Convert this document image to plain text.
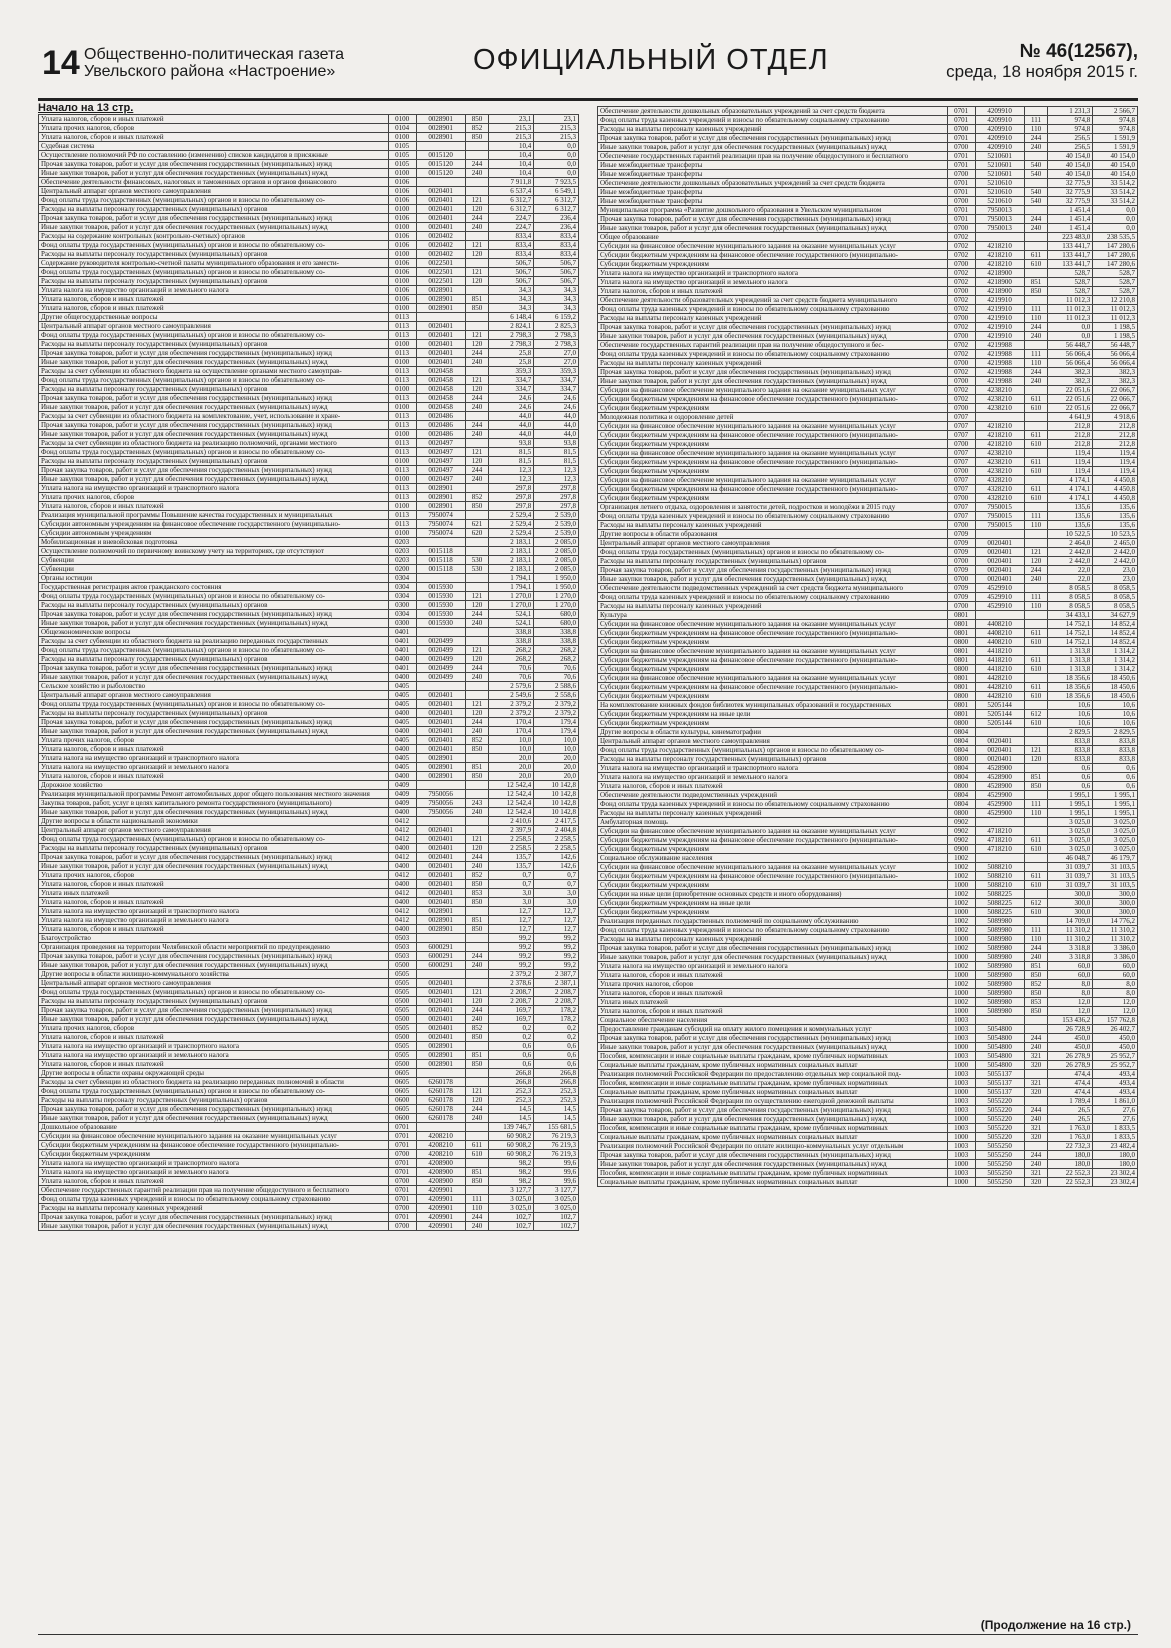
14 Общественно-политическая газета
Увельского района «Настроение»	ОФИЦИАЛЬНЫЙ ОТДЕЛ	№ 46(12567),
среда, 18 ноября 2015 г.
Начало на 13 стр.
Уплата налогов, сборов и иных платежей	0100	0028901	850	23,1	23,1
Уплата прочих налогов, сборов	0104	0028901	852	215,3	215,3
Уплата налогов, сборов и иных платежей	0100	0028901	850	215,3	215,3
Судебная система	0105			10,4	0,0
Осуществление полномочий РФ по составлению (изменению) списков кандидатов в присяжные	0105	0015120		10,4	0,0
Прочая закупка товаров, работ и услуг для обеспечения государственных (муниципальных) нужд	0105	0015120	244	10,4	0,0
Иные закупки товаров, работ и услуг для обеспечения государственных (муниципальных) нужд	0100	0015120	240	10,4	0,0
Обеспечение деятельности финансовых, налоговых и таможенных органов и органов финансового	0106			7 911,8	7 923,5
Центральный аппарат органов местного самоуправления	0106	0020401		6 537,4	6 549,1
Фонд оплаты труда государственных (муниципальных) органов и взносы по обязательному со-	0106	0020401	121	6 312,7	6 312,7
Расходы на выплаты персоналу государственных (муниципальных) органов	0100	0020401	120	6 312,7	6 312,7
Прочая закупка товаров, работ и услуг для обеспечения государственных (муниципальных) нужд	0106	0020401	244	224,7	236,4
Иные закупки товаров, работ и услуг для обеспечения государственных (муниципальных) нужд	0100	0020401	240	224,7	236,4
Расходы на содержание контрольных (контрольно-счетных) органов	0106	0020402		833,4	833,4
Фонд оплаты труда государственных (муниципальных) органов и взносы по обязательному со-	0106	0020402	121	833,4	833,4
Расходы на выплаты персоналу государственных (муниципальных) органов	0100	0020402	120	833,4	833,4
Содержание руководителя контрольно-счетной палаты муниципального образования и его замести-	0106	0022501		506,7	506,7
Фонд оплаты труда государственных (муниципальных) органов и взносы по обязательному со-	0106	0022501	121	506,7	506,7
Расходы на выплаты персоналу государственных (муниципальных) органов	0100	0022501	120	506,7	506,7
Уплата налога на имущество организаций и земельного налога	0106	0028901		34,3	34,3
Уплата налогов, сборов и иных платежей	0106	0028901	851	34,3	34,3
Уплата налогов, сборов и иных платежей	0100	0028901	850	34,3	34,3
Другие общегосударственные вопросы	0113			6 148,4	6 159,2
Центральный аппарат органов местного самоуправления	0113	0020401		2 824,1	2 825,3
Фонд оплаты труда государственных (муниципальных) органов и взносы по обязательному со-	0113	0020401	121	2 798,3	2 798,3
Расходы на выплаты персоналу государственных (муниципальных) органов	0100	0020401	120	2 798,3	2 798,3
Прочая закупка товаров, работ и услуг для обеспечения государственных (муниципальных) нужд	0113	0020401	244	25,8	27,0
Иные закупки товаров, работ и услуг для обеспечения государственных (муниципальных) нужд	0100	0020401	240	25,8	27,0
Расходы за счет субвенции из областного бюджета на осуществление органами местного самоуправ-	0113	0020458		359,3	359,3
Фонд оплаты труда государственных (муниципальных) органов и взносы по обязательному со-	0113	0020458	121	334,7	334,7
Расходы на выплаты персоналу государственных (муниципальных) органов	0100	0020458	120	334,7	334,7
Прочая закупка товаров, работ и услуг для обеспечения государственных (муниципальных) нужд	0113	0020458	244	24,6	24,6
Иные закупки товаров, работ и услуг для обеспечения государственных (муниципальных) нужд	0100	0020458	240	24,6	24,6
Расходы за счет субвенции из областного бюджета на комплектование, учет, использование и хране-	0113	0020486		44,0	44,0
Прочая закупка товаров, работ и услуг для обеспечения государственных (муниципальных) нужд	0113	0020486	244	44,0	44,0
Иные закупки товаров, работ и услуг для обеспечения государственных (муниципальных) нужд	0100	0020486	240	44,0	44,0
Расходы за счет субвенции из областного бюджета на реализацию полномочий, органами местного	0113	0020497		93,8	93,8
Фонд оплаты труда государственных (муниципальных) органов и взносы по обязательному со-	0113	0020497	121	81,5	81,5
Расходы на выплаты персоналу государственных (муниципальных) органов	0100	0020497	120	81,5	81,5
Прочая закупка товаров, работ и услуг для обеспечения государственных (муниципальных) нужд	0113	0020497	244	12,3	12,3
Иные закупки товаров, работ и услуг для обеспечения государственных (муниципальных) нужд	0100	0020497	240	12,3	12,3
Уплата налога на имущество организаций и транспортного налога	0113	0028901		297,8	297,8
Уплата прочих налогов, сборов	0113	0028901	852	297,8	297,8
Уплата налогов, сборов и иных платежей	0100	0028901	850	297,8	297,8
Реализация муниципальной программы Повышение качества государственных и муниципальных	0113	7950074		2 529,4	2 539,0
Субсидии автономным учреждениям на финансовое обеспечение государственного (муниципально-	0113	7950074	621	2 529,4	2 539,0
Субсидии автономным учреждениям	0100	7950074	620	2 529,4	2 539,0
Мобилизационная и вневойсковая подготовка	0203			2 183,1	2 085,0
Осуществление полномочий по первичному воинскому учету на территориях, где отсутствуют	0203	0015118		2 183,1	2 085,0
Субвенции	0203	0015118	530	2 183,1	2 085,0
Субвенции	0200	0015118	530	2 183,1	2 085,0
Органы юстиции	0304			1 794,1	1 950,0
Государственная регистрация актов гражданского состояния	0304	0015930		1 794,1	1 950,0
Фонд оплаты труда государственных (муниципальных) органов и взносы по обязательному со-	0304	0015930	121	1 270,0	1 270,0
Расходы на выплаты персоналу государственных (муниципальных) органов	0300	0015930	120	1 270,0	1 270,0
Прочая закупка товаров, работ и услуг для обеспечения государственных (муниципальных) нужд	0304	0015930	244	524,1	680,0
Иные закупки товаров, работ и услуг для обеспечения государственных (муниципальных) нужд	0300	0015930	240	524,1	680,0
Общеэкономические вопросы	0401			338,8	338,8
Расходы за счет субвенции из областного бюджета на реализацию переданных государственных	0401	0020499		338,8	338,8
Фонд оплаты труда государственных (муниципальных) органов и взносы по обязательному со-	0401	0020499	121	268,2	268,2
Расходы на выплаты персоналу государственных (муниципальных) органов	0400	0020499	120	268,2	268,2
Прочая закупка товаров, работ и услуг для обеспечения государственных (муниципальных) нужд	0401	0020499	244	70,6	70,6
Иные закупки товаров, работ и услуг для обеспечения государственных (муниципальных) нужд	0400	0020499	240	70,6	70,6
Сельское хозяйство и рыболовство	0405			2 579,6	2 588,6
Центральный аппарат органов местного самоуправления	0405	0020401		2 549,6	2 558,6
Фонд оплаты труда государственных (муниципальных) органов и взносы по обязательному со-	0405	0020401	121	2 379,2	2 379,2
Расходы на выплаты персоналу государственных (муниципальных) органов	0400	0020401	120	2 379,2	2 379,2
Прочая закупка товаров, работ и услуг для обеспечения государственных (муниципальных) нужд	0405	0020401	244	170,4	179,4
Иные закупки товаров, работ и услуг для обеспечения государственных (муниципальных) нужд	0400	0020401	240	170,4	179,4
Уплата прочих налогов, сборов	0405	0020401	852	10,0	10,0
Уплата налогов, сборов и иных платежей	0400	0020401	850	10,0	10,0
Уплата налога на имущество организаций и транспортного налога	0405	0028901		20,0	20,0
Уплата налога на имущество организаций и земельного налога	0405	0028901	851	20,0	20,0
Уплата налогов, сборов и иных платежей	0400	0028901	850	20,0	20,0
Дорожное хозяйство	0409			12 542,4	10 142,8
Реализация муниципальной программы Ремонт автомобильных дорог общего пользования местного значения	0409	7950056		12 542,4	10 142,8
Закупка товаров, работ, услуг в целях капитального ремонта государственного (муниципального)	0409	7950056	243	12 542,4	10 142,8
Иные закупки товаров, работ и услуг для обеспечения государственных (муниципальных) нужд	0400	7950056	240	12 542,4	10 142,8
Другие вопросы в области национальной экономики	0412			2 410,6	2 417,5
Центральный аппарат органов местного самоуправления	0412	0020401		2 397,9	2 404,8
Фонд оплаты труда государственных (муниципальных) органов и взносы по обязательному со-	0412	0020401	121	2 258,5	2 258,5
Расходы на выплаты персоналу государственных (муниципальных) органов	0400	0020401	120	2 258,5	2 258,5
Прочая закупка товаров, работ и услуг для обеспечения государственных (муниципальных) нужд	0412	0020401	244	135,7	142,6
Иные закупки товаров, работ и услуг для обеспечения государственных (муниципальных) нужд	0400	0020401	240	135,7	142,6
Уплата прочих налогов, сборов	0412	0020401	852	0,7	0,7
Уплата налогов, сборов и иных платежей	0400	0020401	850	0,7	0,7
Уплата иных платежей	0412	0020401	853	3,0	3,0
Уплата налогов, сборов и иных платежей	0400	0020401	850	3,0	3,0
Уплата налога на имущество организаций и транспортного налога	0412	0028901		12,7	12,7
Уплата налога на имущество организаций и земельного налога	0412	0028901	851	12,7	12,7
Уплата налогов, сборов и иных платежей	0400	0028901	850	12,7	12,7
Благоустройство	0503			99,2	99,2
Организация проведения на территории Челябинской области мероприятий по предупреждению	0503	6000291		99,2	99,2
Прочая закупка товаров, работ и услуг для обеспечения государственных (муниципальных) нужд	0503	6000291	244	99,2	99,2
Иные закупки товаров, работ и услуг для обеспечения государственных (муниципальных) нужд	0500	6000291	240	99,2	99,2
Другие вопросы в области жилищно-коммунального хозяйства	0505			2 379,2	2 387,7
Центральный аппарат органов местного самоуправления	0505	0020401		2 378,6	2 387,1
Фонд оплаты труда государственных (муниципальных) органов и взносы по обязательному со-	0505	0020401	121	2 208,7	2 208,7
Расходы на выплаты персоналу государственных (муниципальных) органов	0500	0020401	120	2 208,7	2 208,7
Прочая закупка товаров, работ и услуг для обеспечения государственных (муниципальных) нужд	0505	0020401	244	169,7	178,2
Иные закупки товаров, работ и услуг для обеспечения государственных (муниципальных) нужд	0500	0020401	240	169,7	178,2
Уплата прочих налогов, сборов	0505	0020401	852	0,2	0,2
Уплата налогов, сборов и иных платежей	0500	0020401	850	0,2	0,2
Уплата налога на имущество организаций и транспортного налога	0505	0028901		0,6	0,6
Уплата налога на имущество организаций и земельного налога	0505	0028901	851	0,6	0,6
Уплата налогов, сборов и иных платежей	0500	0028901	850	0,6	0,6
Другие вопросы в области охраны окружающей среды	0605			266,8	266,8
Расходы за счет субвенции из областного бюджета на реализацию переданных полномочий в области	0605	6260178		266,8	266,8
Фонд оплаты труда государственных (муниципальных) органов и взносы по обязательному со-	0605	6260178	121	252,3	252,3
Расходы на выплаты персоналу государственных (муниципальных) органов	0600	6260178	120	252,3	252,3
Прочая закупка товаров, работ и услуг для обеспечения государственных (муниципальных) нужд	0605	6260178	244	14,5	14,5
Иные закупки товаров, работ и услуг для обеспечения государственных (муниципальных) нужд	0600	6260178	240	14,5	14,5
Дошкольное образование	0701			139 746,7	155 681,5
Субсидии на финансовое обеспечение муниципального задания на оказание муниципальных услуг	0701	4208210		60 908,2	76 219,3
Субсидии бюджетным учреждениям на финансовое обеспечение государственного (муниципально-	0701	4208210	611	60 908,2	76 219,3
Субсидии бюджетным учреждениям	0700	4208210	610	60 908,2	76 219,3
Уплата налога на имущество организаций и транспортного налога	0701	4208900		98,2	99,6
Уплата налога на имущество организаций и земельного налога	0701	4208900	851	98,2	99,6
Уплата налогов, сборов и иных платежей	0700	4208900	850	98,2	99,6
Обеспечение государственных гарантий реализации прав на получение общедоступного и бесплатного	0701	4209901		3 127,7	3 127,7
Фонд оплаты труда казенных учреждений и взносы по обязательному социальному страхованию	0701	4209901	111	3 025,0	3 025,0
Расходы на выплаты персоналу казенных учреждений	0700	4209901	110	3 025,0	3 025,0
Прочая закупка товаров, работ и услуг для обеспечения государственных (муниципальных) нужд	0701	4209901	244	102,7	102,7
Иные закупки товаров, работ и услуг для обеспечения государственных (муниципальных) нужд	0700	4209901	240	102,7	102,7
Обеспечение деятельности дошкольных образовательных учреждений за счет средств бюджета	0701	4209910		1 231,3	2 566,7
Фонд оплаты труда казенных учреждений и взносы по обязательному социальному страхованию	0701	4209910	111	974,8	974,8
Расходы на выплаты персоналу казенных учреждений	0700	4209910	110	974,8	974,8
Прочая закупка товаров, работ и услуг для обеспечения государственных (муниципальных) нужд	0701	4209910	244	256,5	1 591,9
Иные закупки товаров, работ и услуг для обеспечения государственных (муниципальных) нужд	0700	4209910	240	256,5	1 591,9
Обеспечение государственных гарантий реализации прав на получение общедоступного и бесплатного	0701	5210601		40 154,0	40 154,0
Иные межбюджетные трансферты	0701	5210601	540	40 154,0	40 154,0
Иные межбюджетные трансферты	0700	5210601	540	40 154,0	40 154,0
Обеспечение деятельности дошкольных образовательных учреждений за счет средств бюджета	0701	5210610		32 775,9	33 514,2
Иные межбюджетные трансферты	0701	5210610	540	32 775,9	33 514,2
Иные межбюджетные трансферты	0700	5210610	540	32 775,9	33 514,2
Муниципальная программа «Развитие дошкольного образования в Увельском муниципальном	0701	7950013		1 451,4	0,0
Прочая закупка товаров, работ и услуг для обеспечения государственных (муниципальных) нужд	0701	7950013	244	1 451,4	0,0
Иные закупки товаров, работ и услуг для обеспечения государственных (муниципальных) нужд	0700	7950013	240	1 451,4	0,0
Общее образование	0702			223 483,0	238 535,5
Субсидии на финансовое обеспечение муниципального задания на оказание муниципальных услуг	0702	4218210		133 441,7	147 280,6
Субсидии бюджетным учреждениям на финансовое обеспечение государственного (муниципально-	0702	4218210	611	133 441,7	147 280,6
Субсидии бюджетным учреждениям	0700	4218210	610	133 441,7	147 280,6
Уплата налога на имущество организаций и транспортного налога	0702	4218900		528,7	528,7
Уплата налога на имущество организаций и земельного налога	0702	4218900	851	528,7	528,7
Уплата налогов, сборов и иных платежей	0700	4218900	850	528,7	528,7
Обеспечение деятельности образовательных учреждений за счет средств бюджета муниципального	0702	4219910		11 012,3	12 210,8
Фонд оплаты труда казенных учреждений и взносы по обязательному социальному страхованию	0702	4219910	111	11 012,3	11 012,3
Расходы на выплаты персоналу казенных учреждений	0700	4219910	110	11 012,3	11 012,3
Прочая закупка товаров, работ и услуг для обеспечения государственных (муниципальных) нужд	0702	4219910	244	0,0	1 198,5
Иные закупки товаров, работ и услуг для обеспечения государственных (муниципальных) нужд	0700	4219910	240	0,0	1 198,5
Обеспечение государственных гарантий реализации прав на получение общедоступного и бес-	0702	4219988		56 448,7	56 448,7
Фонд оплаты труда казенных учреждений и взносы по обязательному социальному страхованию	0702	4219988	111	56 066,4	56 066,4
Расходы на выплаты персоналу казенных учреждений	0700	4219988	110	56 066,4	56 066,4
Прочая закупка товаров, работ и услуг для обеспечения государственных (муниципальных) нужд	0702	4219988	244	382,3	382,3
Иные закупки товаров, работ и услуг для обеспечения государственных (муниципальных) нужд	0700	4219988	240	382,3	382,3
Субсидии на финансовое обеспечение муниципального задания на оказание муниципальных услуг	0702	4238210		22 051,6	22 066,7
Субсидии бюджетным учреждениям на финансовое обеспечение государственного (муниципально-	0702	4238210	611	22 051,6	22 066,7
Субсидии бюджетным учреждениям	0700	4238210	610	22 051,6	22 066,7
Молодежная политика и оздоровление детей	0707			4 641,9	4 918,6
Субсидии на финансовое обеспечение муниципального задания на оказание муниципальных услуг	0707	4218210		212,8	212,8
Субсидии бюджетным учреждениям на финансовое обеспечение государственного (муниципально-	0707	4218210	611	212,8	212,8
Субсидии бюджетным учреждениям	0700	4218210	610	212,8	212,8
Субсидии на финансовое обеспечение муниципального задания на оказание муниципальных услуг	0707	4238210		119,4	119,4
Субсидии бюджетным учреждениям на финансовое обеспечение государственного (муниципально-	0707	4238210	611	119,4	119,4
Субсидии бюджетным учреждениям	0700	4238210	610	119,4	119,4
Субсидии на финансовое обеспечение муниципального задания на оказание муниципальных услуг	0707	4328210		4 174,1	4 450,8
Субсидии бюджетным учреждениям на финансовое обеспечение государственного (муниципально-	0707	4328210	611	4 174,1	4 450,8
Субсидии бюджетным учреждениям	0700	4328210	610	4 174,1	4 450,8
Организация летнего отдыха, оздоровления и занятости детей, подростков и молодёжи в 2015 году	0707	7950015		135,6	135,6
Фонд оплаты труда казенных учреждений и взносы по обязательному социальному страхованию	0707	7950015	111	135,6	135,6
Расходы на выплаты персоналу казенных учреждений	0700	7950015	110	135,6	135,6
Другие вопросы в области образования	0709			10 522,5	10 523,5
Центральный аппарат органов местного самоуправления	0709	0020401		2 464,0	2 465,0
Фонд оплаты труда государственных (муниципальных) органов и взносы по обязательному со-	0709	0020401	121	2 442,0	2 442,0
Расходы на выплаты персоналу государственных (муниципальных) органов	0700	0020401	120	2 442,0	2 442,0
Прочая закупка товаров, работ и услуг для обеспечения государственных (муниципальных) нужд	0709	0020401	244	22,0	23,0
Иные закупки товаров, работ и услуг для обеспечения государственных (муниципальных) нужд	0700	0020401	240	22,0	23,0
Обеспечение деятельности подведомственных учреждений за счет средств бюджета муниципального	0709	4529910		8 058,5	8 058,5
Фонд оплаты труда казенных учреждений и взносы по обязательному социальному страхованию	0709	4529910	111	8 058,5	8 058,5
Расходы на выплаты персоналу казенных учреждений	0700	4529910	110	8 058,5	8 058,5
Культура	0801			34 433,1	34 627,9
Субсидии на финансовое обеспечение муниципального задания на оказание муниципальных услуг	0801	4408210		14 752,1	14 852,4
Субсидии бюджетным учреждениям на финансовое обеспечение государственного (муниципально-	0801	4408210	611	14 752,1	14 852,4
Субсидии бюджетным учреждениям	0800	4408210	610	14 752,1	14 852,4
Субсидии на финансовое обеспечение муниципального задания на оказание муниципальных услуг	0801	4418210		1 313,8	1 314,2
Субсидии бюджетным учреждениям на финансовое обеспечение государственного (муниципально-	0801	4418210	611	1 313,8	1 314,2
Субсидии бюджетным учреждениям	0800	4418210	610	1 313,8	1 314,2
Субсидии на финансовое обеспечение муниципального задания на оказание муниципальных услуг	0801	4428210		18 356,6	18 450,6
Субсидии бюджетным учреждениям на финансовое обеспечение государственного (муниципально-	0801	4428210	611	18 356,6	18 450,6
Субсидии бюджетным учреждениям	0800	4428210	610	18 356,6	18 450,6
На комплектование книжных фондов библиотек муниципальных образований и государственных	0801	5205144		10,6	10,6
Субсидии бюджетным учреждениям на иные цели	0801	5205144	612	10,6	10,6
Субсидии бюджетным учреждениям	0800	5205144	610	10,6	10,6
Другие вопросы в области культуры, кинематографии	0804			2 829,5	2 829,5
Центральный аппарат органов местного самоуправления	0804	0020401		833,8	833,8
Фонд оплаты труда государственных (муниципальных) органов и взносы по обязательному со-	0804	0020401	121	833,8	833,8
Расходы на выплаты персоналу государственных (муниципальных) органов	0800	0020401	120	833,8	833,8
Уплата налога на имущество организаций и транспортного налога	0804	4528900		0,6	0,6
Уплата налога на имущество организаций и земельного налога	0804	4528900	851	0,6	0,6
Уплата налогов, сборов и иных платежей	0800	4528900	850	0,6	0,6
Обеспечение деятельности подведомственных учреждений	0804	4529900		1 995,1	1 995,1
Фонд оплаты труда казенных учреждений и взносы по обязательному социальному страхованию	0804	4529900	111	1 995,1	1 995,1
Расходы на выплаты персоналу казенных учреждений	0800	4529900	110	1 995,1	1 995,1
Амбулаторная помощь	0902			3 025,0	3 025,0
Субсидии на финансовое обеспечение муниципального задания на оказание муниципальных услуг	0902	4718210		3 025,0	3 025,0
Субсидии бюджетным учреждениям на финансовое обеспечение государственного (муниципально-	0902	4718210	611	3 025,0	3 025,0
Субсидии бюджетным учреждениям	0900	4718210	610	3 025,0	3 025,0
Социальное обслуживание населения	1002			46 048,7	46 179,7
Субсидии на финансовое обеспечение муниципального задания на оказание муниципальных услуг	1002	5088210		31 039,7	31 103,5
Субсидии бюджетным учреждениям на финансовое обеспечение государственного (муниципально-	1002	5088210	611	31 039,7	31 103,5
Субсидии бюджетным учреждениям	1000	5088210	610	31 039,7	31 103,5
Субсидии на иные цели (приобретение основных средств и иного оборудования)	1002	5088225		300,0	300,0
Субсидии бюджетным учреждениям на иные цели	1002	5088225	612	300,0	300,0
Субсидии бюджетным учреждениям	1000	5088225	610	300,0	300,0
Реализация переданных государственных полномочий по социальному обслуживанию	1002	5089980		14 709,0	14 776,2
Фонд оплаты труда казенных учреждений и взносы по обязательному социальному страхованию	1002	5089980	111	11 310,2	11 310,2
Расходы на выплаты персоналу казенных учреждений	1000	5089980	110	11 310,2	11 310,2
Прочая закупка товаров, работ и услуг для обеспечения государственных (муниципальных) нужд	1002	5089980	244	3 318,8	3 386,0
Иные закупки товаров, работ и услуг для обеспечения государственных (муниципальных) нужд	1000	5089980	240	3 318,8	3 386,0
Уплата налога на имущество организаций и земельного налога	1002	5089980	851	60,0	60,0
Уплата налогов, сборов и иных платежей	1000	5089980	850	60,0	60,0
Уплата прочих налогов, сборов	1002	5089980	852	8,0	8,0
Уплата налогов, сборов и иных платежей	1000	5089980	850	8,0	8,0
Уплата иных платежей	1002	5089980	853	12,0	12,0
Уплата налогов, сборов и иных платежей	1000	5089980	850	12,0	12,0
Социальное обеспечение населения	1003			153 436,2	157 762,8
Предоставление гражданам субсидий на оплату жилого помещения и коммунальных услуг	1003	5054800		26 728,9	26 402,7
Прочая закупка товаров, работ и услуг для обеспечения государственных (муниципальных) нужд	1003	5054800	244	450,0	450,0
Иные закупки товаров, работ и услуг для обеспечения государственных (муниципальных) нужд	1000	5054800	240	450,0	450,0
Пособия, компенсации и иные социальные выплаты гражданам, кроме публичных нормативных	1003	5054800	321	26 278,9	25 952,7
Социальные выплаты гражданам, кроме публичных нормативных социальных выплат	1000	5054800	320	26 278,9	25 952,7
Реализация полномочий Российской Федерации по предоставлению отдельных мер социальной под-	1003	5055137		474,4	493,4
Пособия, компенсации и иные социальные выплаты гражданам, кроме публичных нормативных	1003	5055137	321	474,4	493,4
Социальные выплаты гражданам, кроме публичных нормативных социальных выплат	1000	5055137	320	474,4	493,4
Реализация полномочий Российской Федерации по осуществлению ежегодной денежной выплаты	1003	5055220		1 789,4	1 861,0
Прочая закупка товаров, работ и услуг для обеспечения государственных (муниципальных) нужд	1003	5055220	244	26,5	27,6
Иные закупки товаров, работ и услуг для обеспечения государственных (муниципальных) нужд	1000	5055220	240	26,5	27,6
Пособия, компенсации и иные социальные выплаты гражданам, кроме публичных нормативных	1003	5055220	321	1 763,0	1 833,5
Социальные выплаты гражданам, кроме публичных нормативных социальных выплат	1000	5055220	320	1 763,0	1 833,5
Реализация полномочий Российской Федерации по оплате жилищно-коммунальных услуг отдельным	1003	5055250		22 732,3	23 482,4
Прочая закупка товаров, работ и услуг для обеспечения государственных (муниципальных) нужд	1003	5055250	244	180,0	180,0
Иные закупки товаров, работ и услуг для обеспечения государственных (муниципальных) нужд	1000	5055250	240	180,0	180,0
Пособия, компенсации и иные социальные выплаты гражданам, кроме публичных нормативных	1003	5055250	321	22 552,3	23 302,4
Социальные выплаты гражданам, кроме публичных нормативных социальных выплат	1000	5055250	320	22 552,3	23 302,4
(Продолжение на 16 стр.)
